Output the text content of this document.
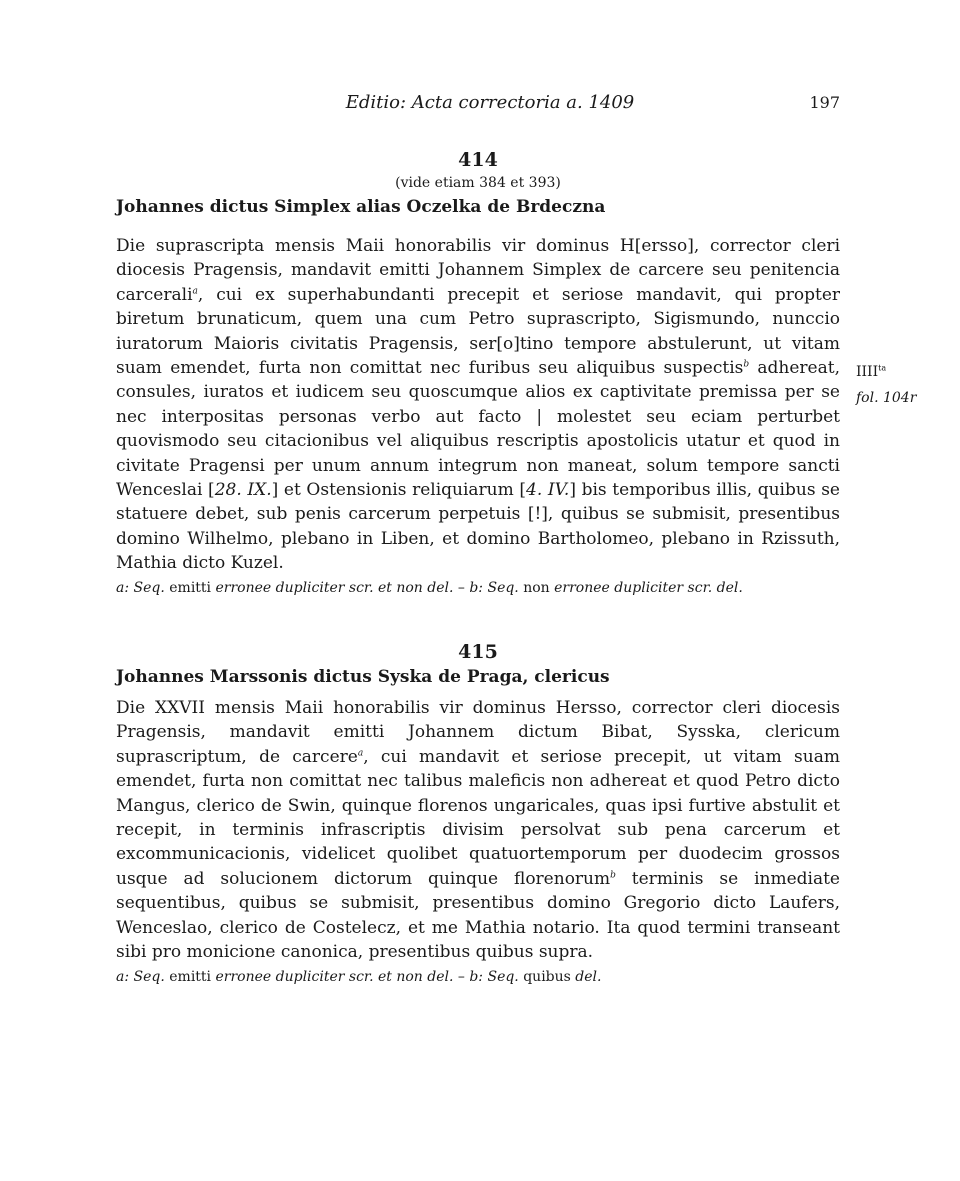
Editio: Acta correctoria a. 1409	197
414
(vide etiam 384 et 393)
Johannes dictus Simplex alias Oczelka de Brdeczna

Die suprascripta mensis Maii honorabilis vir dominus H[ersso], corrector cleri diocesis Pragensis, mandavit emitti Johannem Simplex de carcere seu penitencia carcerali$^a$, cui ex superhabundanti precepit et seriose mandavit, qui propter biretum brunaticum, quem una cum Petro suprascripto, Sigismundo, nunccio iuratorum Maioris civitatis Pragensis, ser[o]tino tempore abstulerunt, ut vitam suam emendet, furta non comittat nec furibus seu aliquibus suspectis$^b$ adhereat, consules, iuratos et iudicem seu quoscumque alios ex captivitate premissa per se nec interpositas personas verbo aut facto | molestet seu eciam perturbet quovismodo seu citacionibus vel aliquibus rescriptis apostolicis utatur et quod in civitate Pragensi per unum annum integrum non maneat, solum tempore sancti Wenceslai [28. IX.] et Ostensionis reliquiarum [4. IV.] bis temporibus illis, quibus se statuere debet, sub penis carcerum perpetuis [!], quibus se submisit, presentibus domino Wilhelmo, plebano in Liben, et domino Bartholomeo, plebano in Rzissuth, Mathia dicto Kuzel.

$IIII^{ta}$
fol. 104r
a: Seq. emitti erronee dupliciter scr. et non del. – b: Seq. non erronee dupliciter scr. del.
415
Johannes Marssonis dictus Syska de Praga, clericus

Die XXVII mensis Maii honorabilis vir dominus Hersso, corrector cleri diocesis Pragensis, mandavit emitti Johannem dictum Bibat, Sysska, clericum suprascriptum, de carcere$^a$, cui mandavit et seriose precepit, ut vitam suam emendet, furta non comittat nec talibus maleficis non adhereat et quod Petro dicto Mangus, clerico de Swin, quinque florenos ungaricales, quas ipsi furtive abstulit et recepit, in terminis infrascriptis divisim persolvat sub pena carcerum et excommunicacionis, videlicet quolibet quatuortemporum per duodecim grossos usque ad solucionem dictorum quinque florenorum$^b$ terminis se inmediate sequentibus, quibus se submisit, presentibus domino Gregorio dicto Laufers, Wenceslao, clerico de Costelecz, et me Mathia notario. Ita quod termini transeant sibi pro monicione canonica, presentibus quibus supra.

a: Seq. emitti erronee dupliciter scr. et non del. – b: Seq. quibus del.
